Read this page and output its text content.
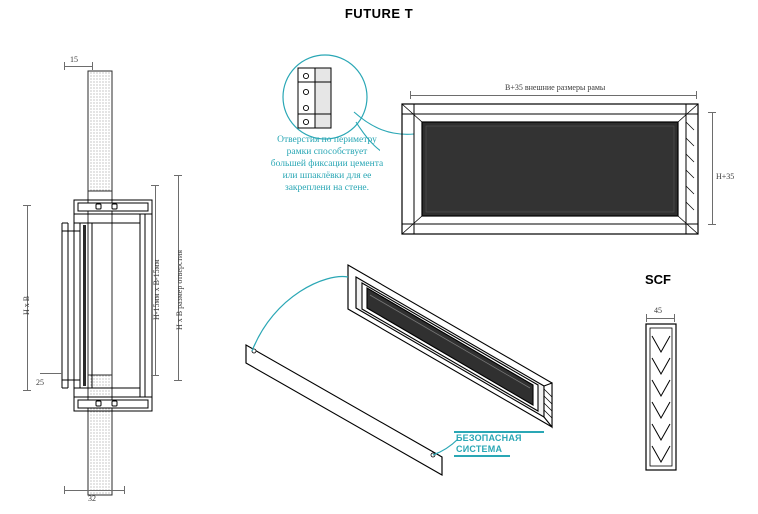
FUTURE T
15
32
25
H x B	H-15мм х В-15мм Н x В размер отверстия
Отверстия по периметру
рамки способствует
большей фиксации цемента
или шпаклёвки для ее
закреплени на стене.
В+35 внешние размеры рамы
Н+35
БЕЗОПАСНАЯ
СИСТЕМА
SCF
45
